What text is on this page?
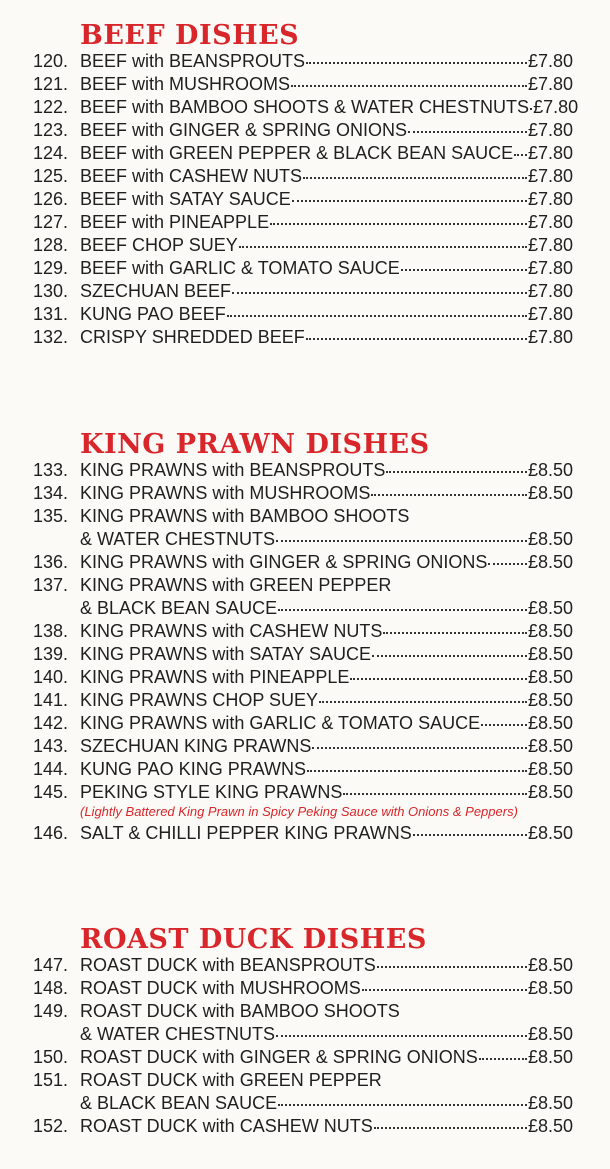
BEEF DISHES
120. BEEF with BEANSPROUTS	£7.80
121. BEEF with MUSHROOMS	£7.80
122. BEEF with BAMBOO SHOOTS & WATER CHESTNUTS £7.80
123. BEEF with GINGER & SPRING ONIONS	£7.80
124. BEEF with GREEN PEPPER & BLACK BEAN SAUCE £7.80
125. BEEF with CASHEW NUTS	£7.80
126. BEEF with SATAY SAUCE	£7.80
127. BEEF with PINEAPPLE	£7.80
128. BEEF CHOP SUEY	£7.80
129. BEEF with GARLIC & TOMATO SAUCE	£7.80
130. SZECHUAN BEEF	£7.80
131. KUNG PAO BEEF	£7.80
132. CRISPY SHREDDED BEEF	£7.80
KING PRAWN DISHES
133. KING PRAWNS with BEANSPROUTS	£8.50
134. KING PRAWNS with MUSHROOMS	£8.50
135. KING PRAWNS with BAMBOO SHOOTS
& WATER CHESTNUTS	£8.50
136. KING PRAWNS with GINGER & SPRING ONIONS £8.50
137. KING PRAWNS with GREEN PEPPER
& BLACK BEAN SAUCE	£8.50
138. KING PRAWNS with CASHEW NUTS	£8.50
139. KING PRAWNS with SATAY SAUCE	£8.50
140. KING PRAWNS with PINEAPPLE	£8.50
141. KING PRAWNS CHOP SUEY	£8.50
142. KING PRAWNS with GARLIC & TOMATO SAUCE	£8.50
143. SZECHUAN KING PRAWNS	£8.50
144. KUNG PAO KING PRAWNS	£8.50
145. PEKING STYLE KING PRAWNS	£8.50
(Lightly Battered King Prawn in Spicy Peking Sauce with Onions & Peppers)
146. SALT & CHILLI PEPPER KING PRAWNS	£8.50
ROAST DUCK DISHES
147. ROAST DUCK with BEANSPROUTS	£8.50
148. ROAST DUCK with MUSHROOMS	£8.50
149. ROAST DUCK with BAMBOO SHOOTS
& WATER CHESTNUTS	£8.50
150. ROAST DUCK with GINGER & SPRING ONIONS	£8.50
151. ROAST DUCK with GREEN PEPPER
& BLACK BEAN SAUCE	£8.50
152. ROAST DUCK with CASHEW NUTS	£8.50
